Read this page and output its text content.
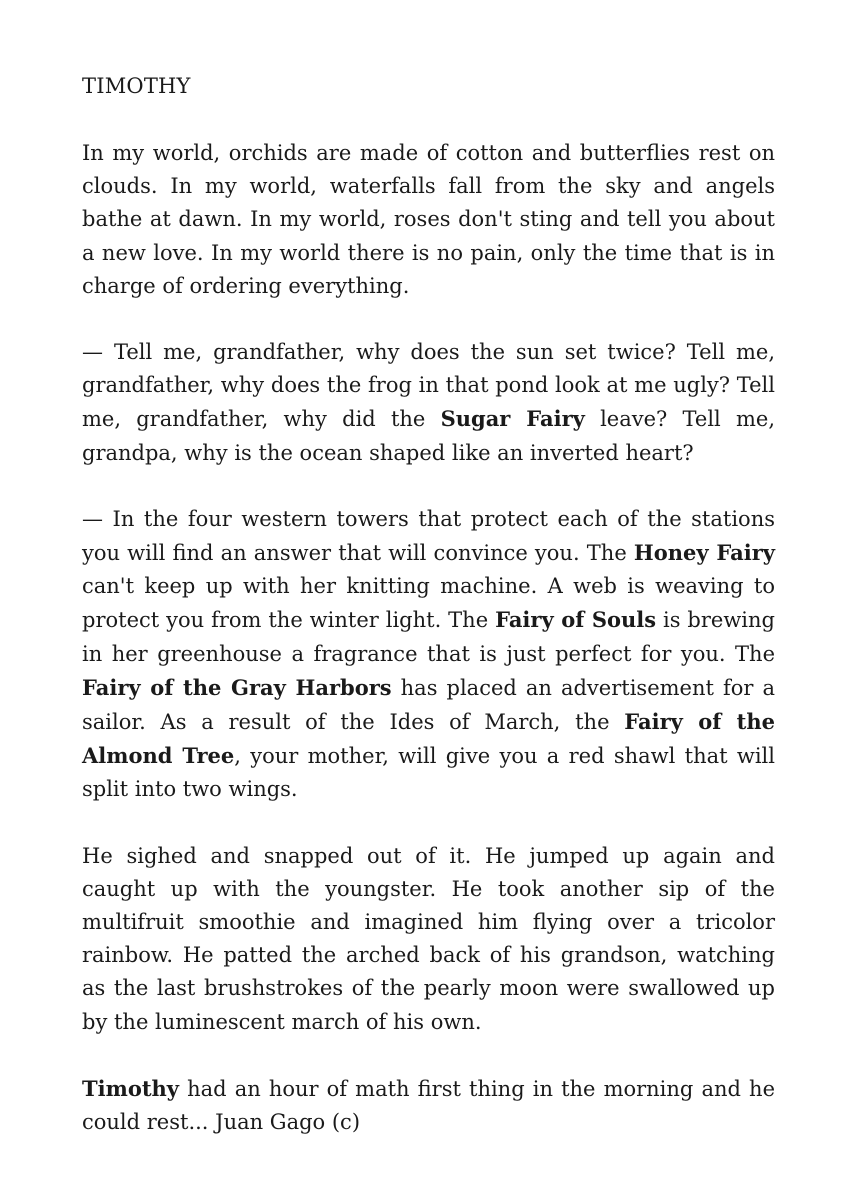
TIMOTHY

In my world, orchids are made of cotton and butterflies rest on clouds. In my world, waterfalls fall from the sky and angels bathe at dawn. In my world, roses don't sting and tell you about a new love. In my world there is no pain, only the time that is in charge of ordering everything.

— Tell me, grandfather, why does the sun set twice? Tell me, grandfather, why does the frog in that pond look at me ugly? Tell me, grandfather, why did the Sugar Fairy leave? Tell me, grandpa, why is the ocean shaped like an inverted heart?

— In the four western towers that protect each of the stations you will find an answer that will convince you. The Honey Fairy can't keep up with her knitting machine. A web is weaving to protect you from the winter light. The Fairy of Souls is brewing in her greenhouse a fragrance that is just perfect for you. The Fairy of the Gray Harbors has placed an advertisement for a sailor. As a result of the Ides of March, the Fairy of the Almond Tree, your mother, will give you a red shawl that will split into two wings.

He sighed and snapped out of it. He jumped up again and caught up with the youngster. He took another sip of the multifruit smoothie and imagined him flying over a tricolor rainbow. He patted the arched back of his grandson, watching as the last brushstrokes of the pearly moon were swallowed up by the luminescent march of his own.

Timothy had an hour of math first thing in the morning and he could rest... Juan Gago (c)
